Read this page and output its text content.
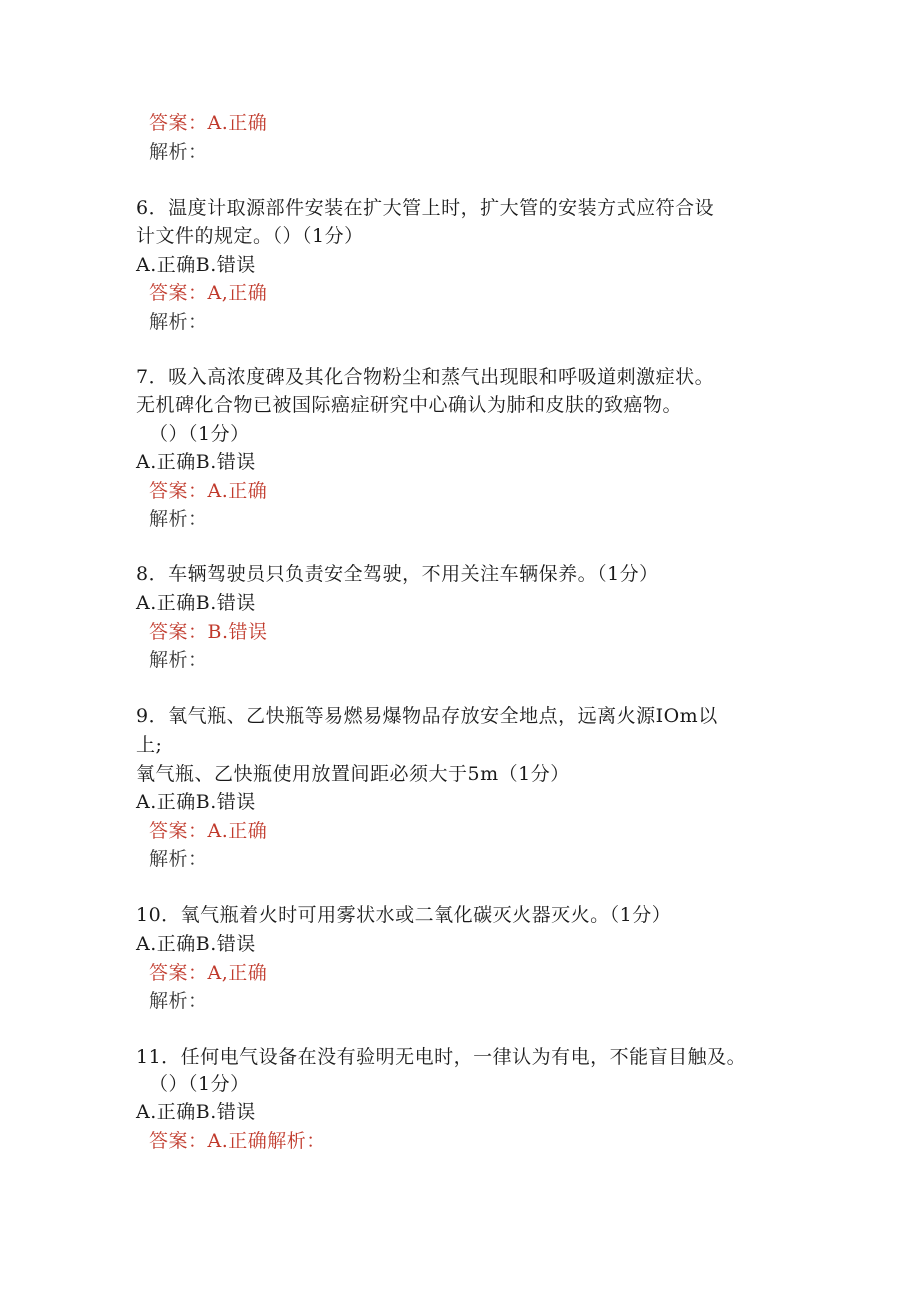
答案：A.正确
解析：
6．温度计取源部件安装在扩大管上时，扩大管的安装方式应符合设
计文件的规定。（）（1分）
A.正确B.错误
答案：A,正确
解析：
7．吸入高浓度碑及其化合物粉尘和蒸气出现眼和呼吸道刺激症状。
无机碑化合物已被国际癌症研究中心确认为肺和皮肤的致癌物。
（）（1分）
A.正确B.错误
答案：A.正确
解析：
8．车辆驾驶员只负责安全驾驶，不用关注车辆保养。（1分）
A.正确B.错误
答案：B.错误
解析：
9．氧气瓶、乙快瓶等易燃易爆物品存放安全地点，远离火源IOm以
上;
氧气瓶、乙快瓶使用放置间距必须大于5m（1分）
A.正确B.错误
答案：A.正确
解析：
10．氧气瓶着火时可用雾状水或二氧化碳灭火器灭火。（1分）
A.正确B.错误
答案：A,正确
解析：
11．任何电气设备在没有验明无电时，一律认为有电，不能盲目触及。
（）（1分）
A.正确B.错误
答案：A.正确解析：
